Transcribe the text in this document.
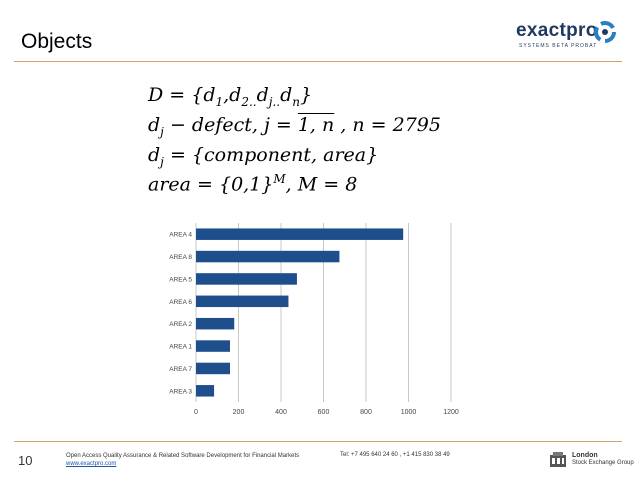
Objects	exactpro
SYSTEMS BETA PROBAT
$D = \{d_1,d_{2..}d_{j..}d_n\}$
$d_j$ − defect, j = 1, n , n = 2795
$d_j$ = {component, area}
area = $\{0,1\}^M$, M = 8
0	200	400	600	800	1000	1200
AREA 4
AREA 8
AREA 5
AREA 6
AREA 2
AREA 1
AREA 7
AREA 3
10	Open Access Quality Assurance & Related Software Development for Financial Markets
www.exactpro.com
Tel: +7 495 640 24 60 , +1 415 830 38 49	London
Stock Exchange Group
